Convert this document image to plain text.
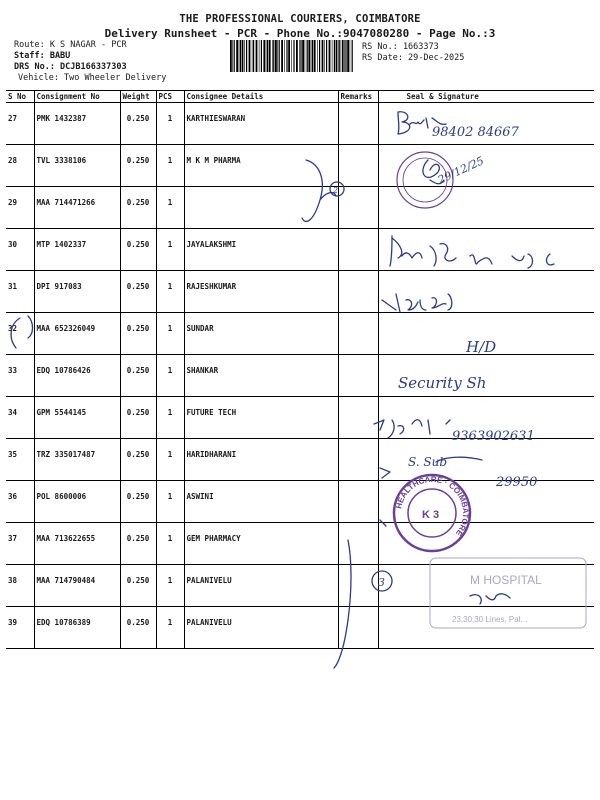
THE PROFESSIONAL COURIERS, COIMBATORE
Delivery Runsheet - PCR - Phone No.:9047080280 - Page No.:3
Route: K S NAGAR - PCR
Staff: BABU
DRS No.: DCJB166337303
Vehicle: Two Wheeler Delivery
RS No.: 1663373
RS Date: 29-Dec-2025
S No	Consignment No	Weight	PCS	Consignee Details	Remarks	Seal & Signature
27	PMK 1432387	0.250	1	KARTHIESWARAN		
28	TVL 3338106	0.250	1	M K M PHARMA		
29	MAA 714471266	0.250	1			
30	MTP 1402337	0.250	1	JAYALAKSHMI		
31	DPI 917083	0.250	1	RAJESHKUMAR		
32	MAA 652326049	0.250	1	SUNDAR		
33	EDQ 10786426	0.250	1	SHANKAR		
34	GPM 5544145	0.250	1	FUTURE TECH		
35	TRZ 335017487	0.250	1	HARIDHARANI		
36	POL 8600006	0.250	1	ASWINI		
37	MAA 713622655	0.250	1	GEM PHARMACY		
38	MAA 714790484	0.250	1	PALANIVELU		
39	EDQ 10786389	0.250	1	PALANIVELU		
98402 84667
2
29/12/25
H/D
Security Sh
9363902631
S. Sub
29950
HEALTHCARE · COIMBATORE
K 3
3	M HOSPITAL
23,30,30 Lines, Pal...
